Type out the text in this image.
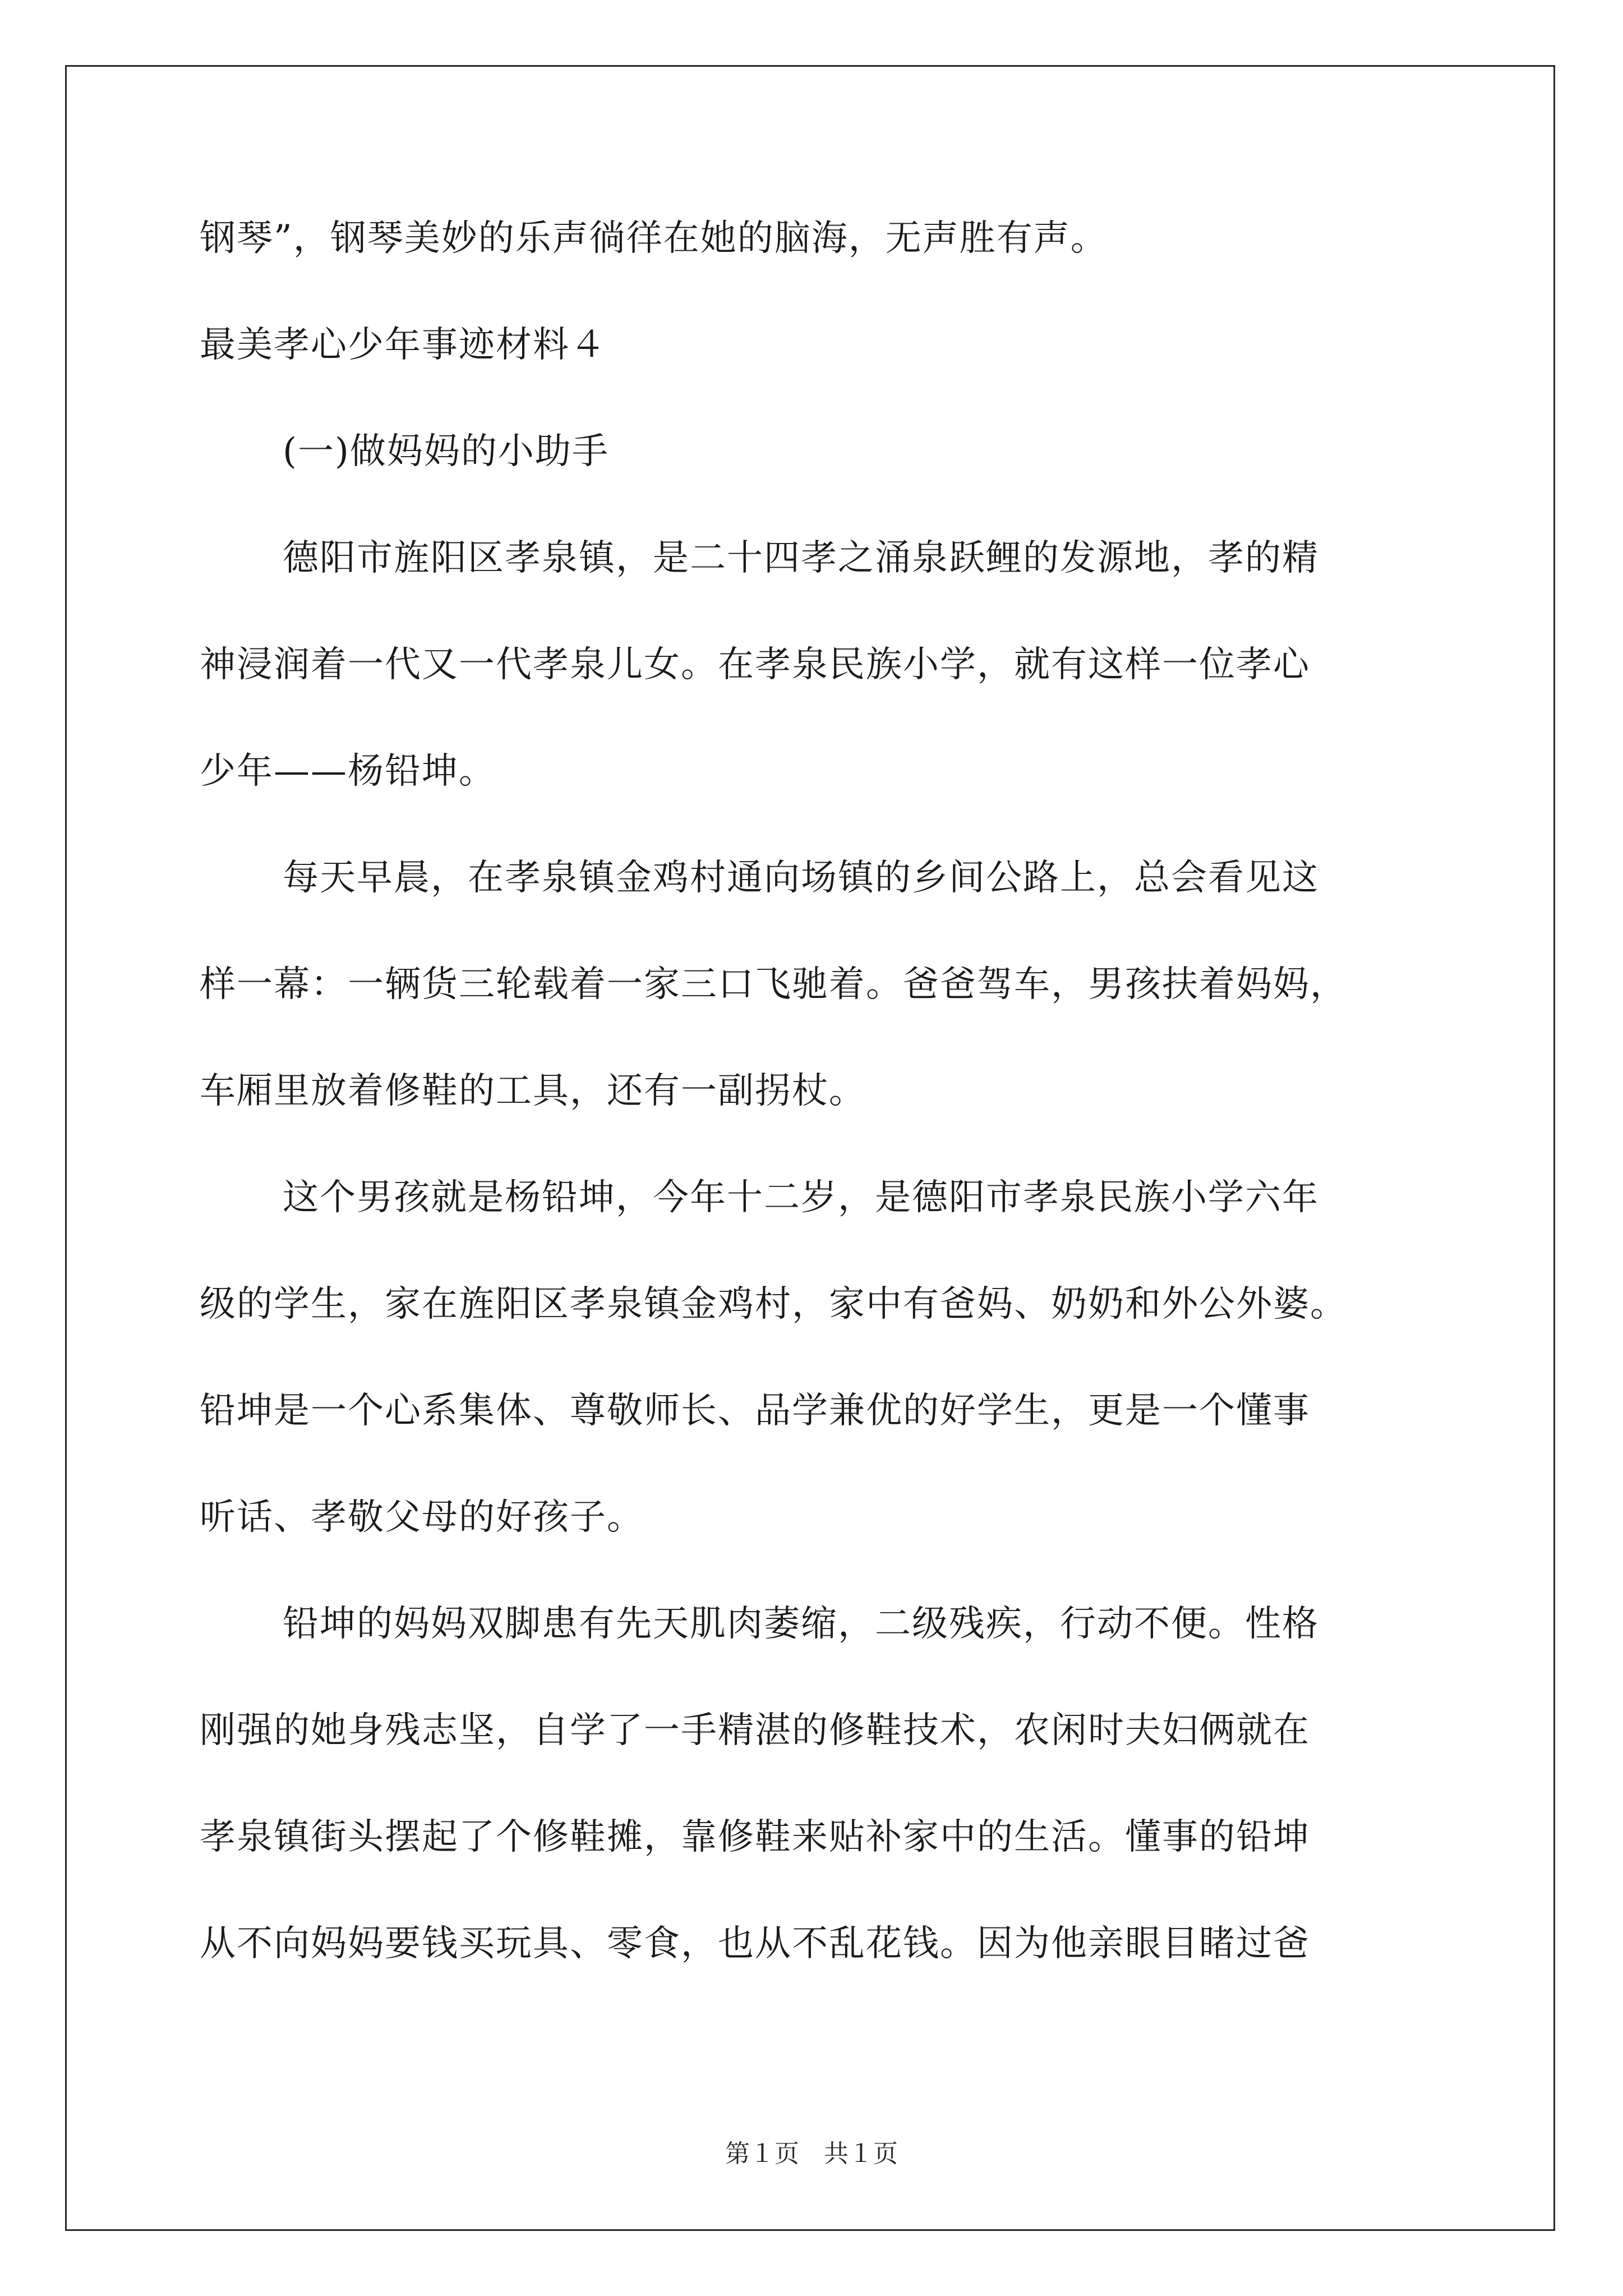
钢琴”，钢琴美妙的乐声徜徉在她的脑海，无声胜有声。
最美孝心少年事迹材料４
(一)做妈妈的小助手
德阳市旌阳区孝泉镇，是二十四孝之涌泉跃鲤的发源地，孝的精
神浸润着一代又一代孝泉儿女。在孝泉民族小学，就有这样一位孝心
少年——杨铅坤。
每天早晨，在孝泉镇金鸡村通向场镇的乡间公路上，总会看见这
样一幕：一辆货三轮载着一家三口飞驰着。爸爸驾车，男孩扶着妈妈，
车厢里放着修鞋的工具，还有一副拐杖。
这个男孩就是杨铅坤，今年十二岁，是德阳市孝泉民族小学六年
级的学生，家在旌阳区孝泉镇金鸡村，家中有爸妈、奶奶和外公外婆。
铅坤是一个心系集体、尊敬师长、品学兼优的好学生，更是一个懂事
听话、孝敬父母的好孩子。
铅坤的妈妈双脚患有先天肌肉萎缩，二级残疾，行动不便。性格
刚强的她身残志坚，自学了一手精湛的修鞋技术，农闲时夫妇俩就在
孝泉镇街头摆起了个修鞋摊，靠修鞋来贴补家中的生活。懂事的铅坤
从不向妈妈要钱买玩具、零食，也从不乱花钱。因为他亲眼目睹过爸
第１页　共１页
